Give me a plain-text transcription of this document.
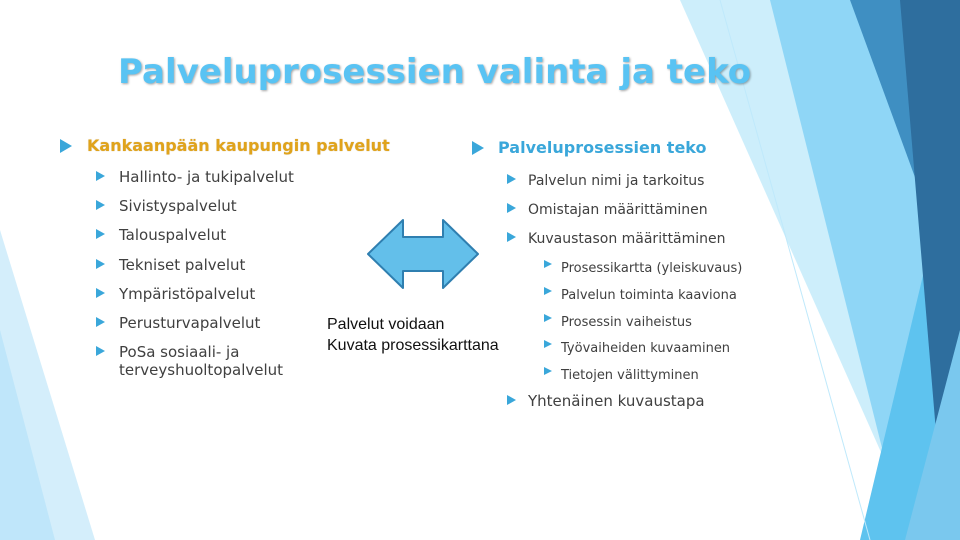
Palveluprosessien valinta ja teko
Kankaanpään kaupungin palvelut
Hallinto- ja tukipalvelut
Sivistyspalvelut
Talouspalvelut
Tekniset palvelut
Ympäristöpalvelut
Perusturvapalvelut
PoSa sosiaali- ja
terveyshuoltopalvelut
Palvelut voidaan
Kuvata prosessikarttana
Palveluprosessien teko
Palvelun nimi ja tarkoitus
Omistajan määrittäminen
Kuvaustason määrittäminen
Prosessikartta (yleiskuvaus)
Palvelun toiminta kaaviona
Prosessin vaiheistus
Työvaiheiden kuvaaminen
Tietojen välittyminen
Yhtenäinen kuvaustapa
